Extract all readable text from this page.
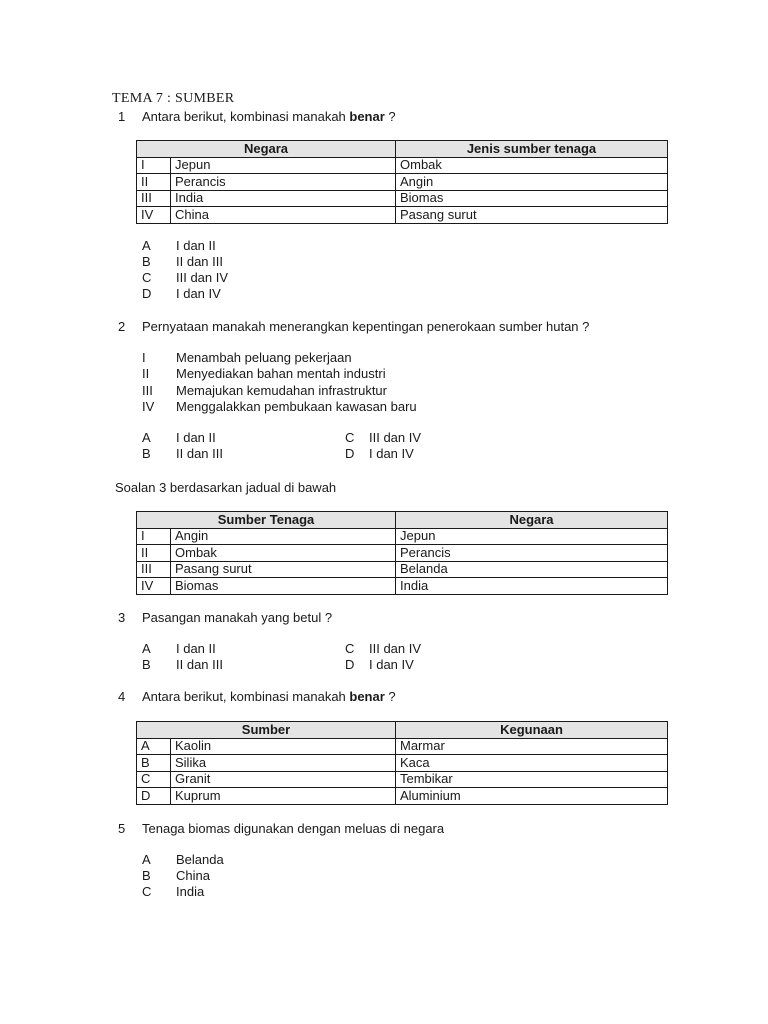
TEMA 7 : SUMBER
1 Antara berikut, kombinasi manakah benar ?
Negara		Jenis sumber tenaga
I	Jepun	Ombak
II	Perancis	Angin
III	India	Biomas
IV	China	Pasang surut
A I dan II
B II dan III
C III dan IV
D I dan IV
2 Pernyataan manakah menerangkan kepentingan penerokaan sumber hutan ?
I Menambah peluang pekerjaan
II Menyediakan bahan mentah industri
III Memajukan kemudahan infrastruktur
IV Menggalakkan pembukaan kawasan baru
A I dan II
B II dan III
C III dan IV
D I dan IV
Soalan 3 berdasarkan jadual di bawah
Sumber Tenaga		Negara
I	Angin	Jepun
II	Ombak	Perancis
III	Pasang surut	Belanda
IV	Biomas	India
3 Pasangan manakah yang betul ?
A I dan II
B II dan III
C III dan IV
D I dan IV
4 Antara berikut, kombinasi manakah benar ?
Sumber		Kegunaan
A	Kaolin	Marmar
B	Silika	Kaca
C	Granit	Tembikar
D	Kuprum	Aluminium
5 Tenaga biomas digunakan dengan meluas di negara
A Belanda
B China
C India
